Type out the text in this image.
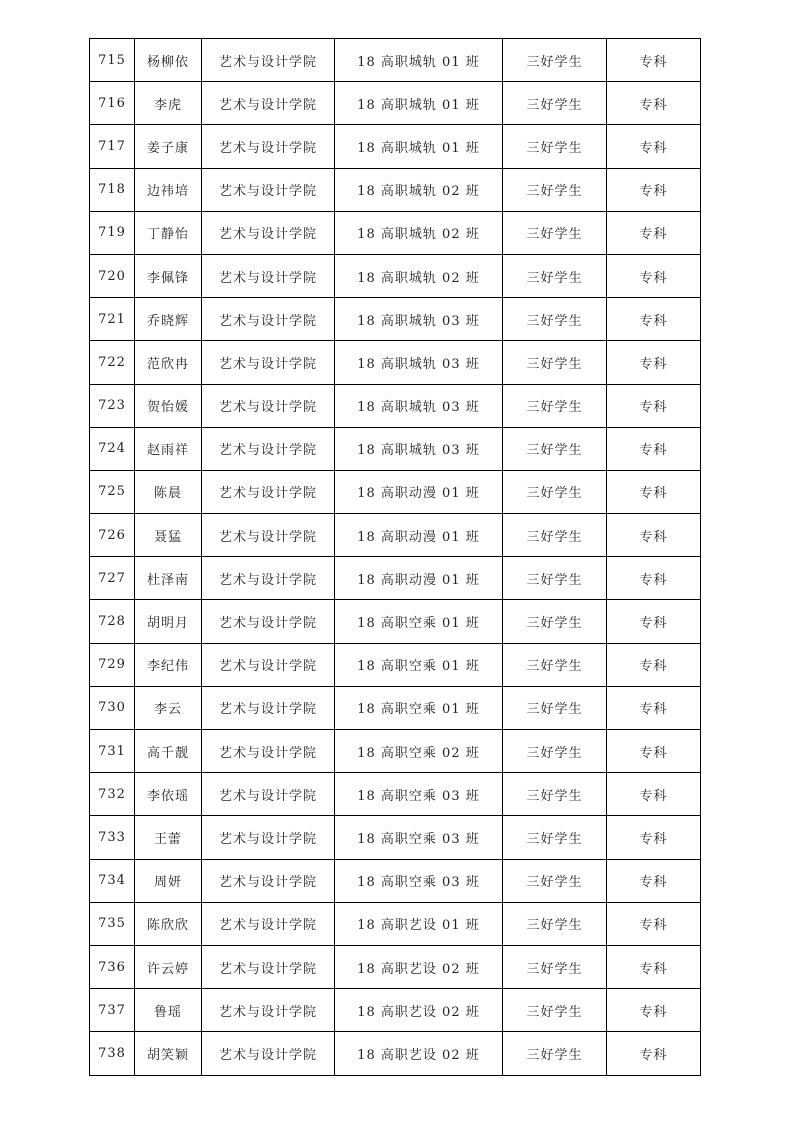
715	杨柳依	艺术与设计学院	18 高职城轨 01 班	三好学生	专科
716	李虎	艺术与设计学院	18 高职城轨 01 班	三好学生	专科
717	姜子康	艺术与设计学院	18 高职城轨 01 班	三好学生	专科
718	边祎培	艺术与设计学院	18 高职城轨 02 班	三好学生	专科
719	丁静怡	艺术与设计学院	18 高职城轨 02 班	三好学生	专科
720	李佩锋	艺术与设计学院	18 高职城轨 02 班	三好学生	专科
721	乔晓辉	艺术与设计学院	18 高职城轨 03 班	三好学生	专科
722	范欣冉	艺术与设计学院	18 高职城轨 03 班	三好学生	专科
723	贺怡媛	艺术与设计学院	18 高职城轨 03 班	三好学生	专科
724	赵雨祥	艺术与设计学院	18 高职城轨 03 班	三好学生	专科
725	陈晨	艺术与设计学院	18 高职动漫 01 班	三好学生	专科
726	聂猛	艺术与设计学院	18 高职动漫 01 班	三好学生	专科
727	杜泽南	艺术与设计学院	18 高职动漫 01 班	三好学生	专科
728	胡明月	艺术与设计学院	18 高职空乘 01 班	三好学生	专科
729	李纪伟	艺术与设计学院	18 高职空乘 01 班	三好学生	专科
730	李云	艺术与设计学院	18 高职空乘 01 班	三好学生	专科
731	高千靓	艺术与设计学院	18 高职空乘 02 班	三好学生	专科
732	李依瑶	艺术与设计学院	18 高职空乘 03 班	三好学生	专科
733	王蕾	艺术与设计学院	18 高职空乘 03 班	三好学生	专科
734	周妍	艺术与设计学院	18 高职空乘 03 班	三好学生	专科
735	陈欣欣	艺术与设计学院	18 高职艺设 01 班	三好学生	专科
736	许云婷	艺术与设计学院	18 高职艺设 02 班	三好学生	专科
737	鲁瑶	艺术与设计学院	18 高职艺设 02 班	三好学生	专科
738	胡笑颖	艺术与设计学院	18 高职艺设 02 班	三好学生	专科
